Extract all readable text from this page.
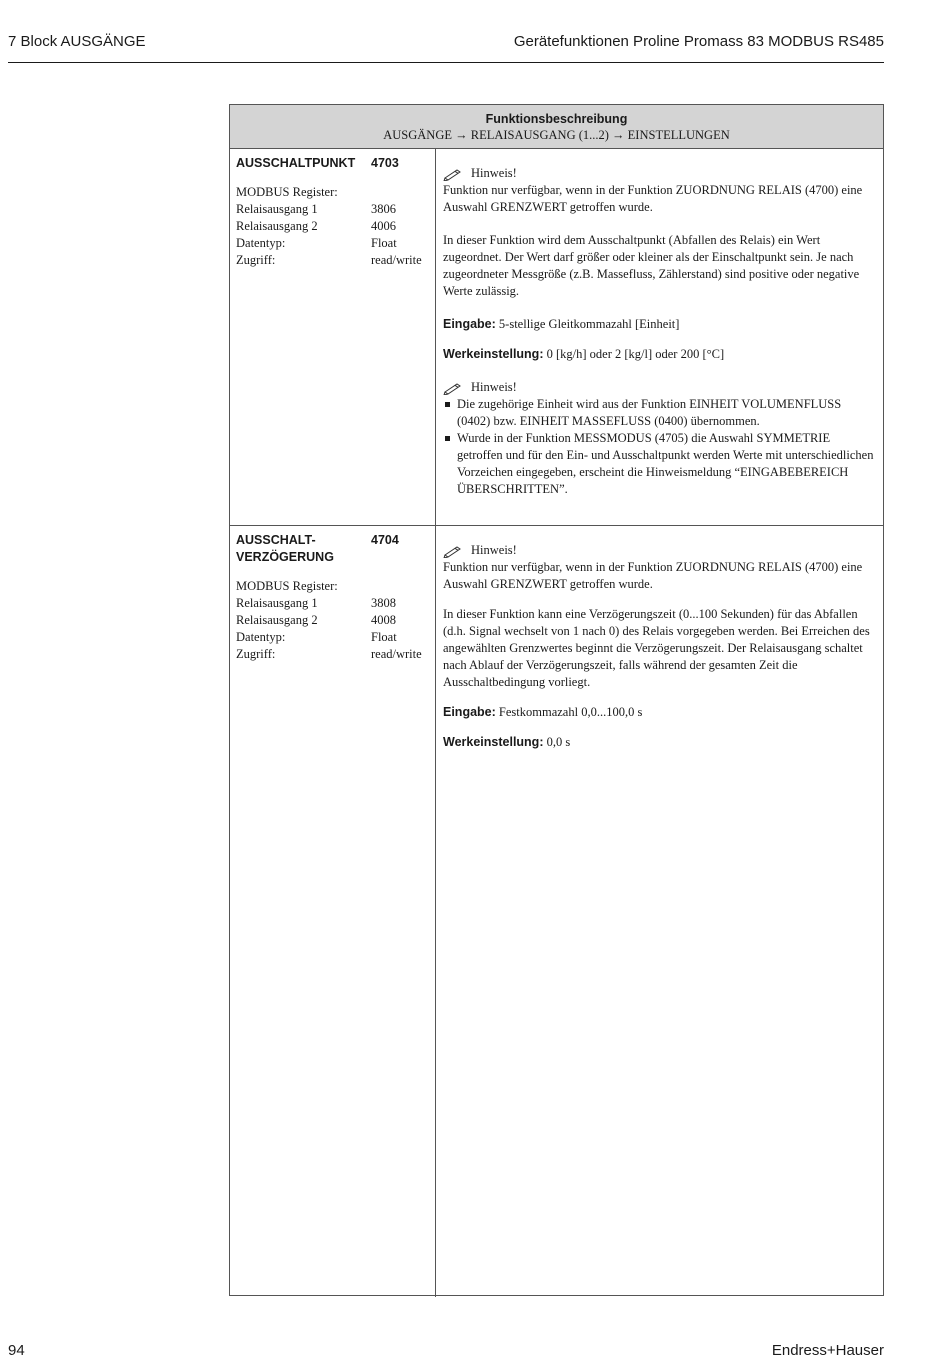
7 Block AUSGÄNGE	Gerätefunktionen Proline Promass 83 MODBUS RS485
Funktionsbeschreibung
AUSGÄNGE → RELAISAUSGANG (1...2) → EINSTELLUNGEN
AUSSCHALTPUNKT	4703
MODBUS Register:
Relaisausgang 1	3806
Relaisausgang 2	4006
Datentyp:	Float
Zugriff:	read/write
Hinweis!
Funktion nur verfügbar, wenn in der Funktion ZUORDNUNG RELAIS (4700) eine Auswahl GRENZWERT getroffen wurde.
In dieser Funktion wird dem Ausschaltpunkt (Abfallen des Relais) ein Wert zugeordnet. Der Wert darf größer oder kleiner als der Einschaltpunkt sein. Je nach zugeordneter Messgröße (z.B. Massefluss, Zählerstand) sind positive oder negative Werte zulässig.
Eingabe: 5-stellige Gleitkommazahl [Einheit]
Werkeinstellung: 0 [kg/h] oder 2 [kg/l] oder 200 [°C]
Hinweis!
Die zugehörige Einheit wird aus der Funktion EINHEIT VOLUMENFLUSS (0402) bzw. EINHEIT MASSEFLUSS (0400) übernommen.
Wurde in der Funktion MESSMODUS (4705) die Auswahl SYMMETRIE getroffen und für den Ein- und Ausschaltpunkt werden Werte mit unterschiedlichen Vorzeichen eingegeben, erscheint die Hinweismeldung “EINGABEBEREICH ÜBERSCHRITTEN”.
AUSSCHALT-VERZÖGERUNG
4704
MODBUS Register:
Relaisausgang 1	3808
Relaisausgang 2	4008
Datentyp:	Float
Zugriff:	read/write
Hinweis!
Funktion nur verfügbar, wenn in der Funktion ZUORDNUNG RELAIS (4700) eine Auswahl GRENZWERT getroffen wurde.
In dieser Funktion kann eine Verzögerungszeit (0...100 Sekunden) für das Abfallen (d.h. Signal wechselt von 1 nach 0) des Relais vorgegeben werden. Bei Erreichen des angewählten Grenzwertes beginnt die Verzögerungszeit. Der Relaisausgang schaltet nach Ablauf der Verzögerungszeit, falls während der gesamten Zeit die Ausschaltbedingung vorliegt.
Eingabe: Festkommazahl 0,0...100,0 s
Werkeinstellung: 0,0 s
94	Endress+Hauser
